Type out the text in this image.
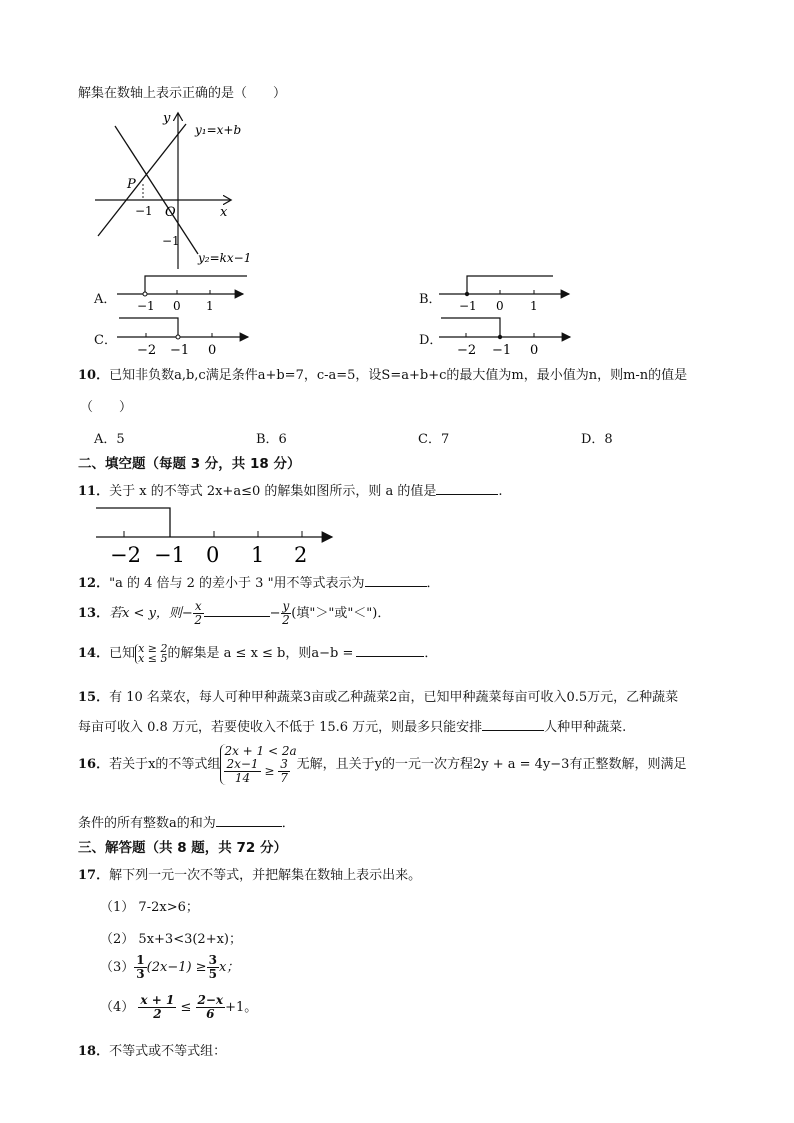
解集在数轴上表示正确的是（　　）
y
x
O
P
−1
−1
y₁=x+b
y₂=kx−1
A． −1 0 1	B． −1 0 1
C．
−2 −1 0
D．
−2 −1 0
10．已知非负数a,b,c满足条件a+b=7，c-a=5，设S=a+b+c的最大值为m，最小值为n，则m-n的值是
（　　）
A．5	B．6	C．7	D．8
二、填空题（每题 3 分，共 18 分）
11．关于 x 的不等式 2x+a≤0 的解集如图所示，则 a 的值是	.
−2 −1 0 1 2
12．"a 的 4 倍与 2 的差小于 3 "用不等式表示为	．
13．若x < y，则− $\frac{x}{2}$	− $\frac{y}{2}$ (填"＞"或"＜")．
14．已知 x ≥ 2
x ≤ 5 的解集是 a ≤ x ≤ b，则a−b =	．
15．有 10 名菜农，每人可种甲种蔬菜3亩或乙种蔬菜2亩，已知甲种蔬菜每亩可收入0.5万元，乙种蔬菜
每亩可收入 0.8 万元，若要使收入不低于 15.6 万元，则最多只能安排	人种甲种蔬菜.
16．若关于x的不等式组
2x + 1 < 2a
$\frac{2x-1}{14} \ge \frac{3}{7}$ 无解，且关于y的一元一次方程2y + a = 4y−3有正整数解，则满足
条件的所有整数a的和为	．
三、解答题（共 8 题，共 72 分）
17．解下列一元一次不等式，并把解集在数轴上表示出来。
（1） 7-2x>6；
（2） 5x+3<3(2+x)；
$(3) \frac{1}{3} (2x-1) \ge \frac{3}{5}$ x；
$(4) \frac{x + 1}{2} \le \frac{2-x}{6} +1$。
18．不等式或不等式组：
